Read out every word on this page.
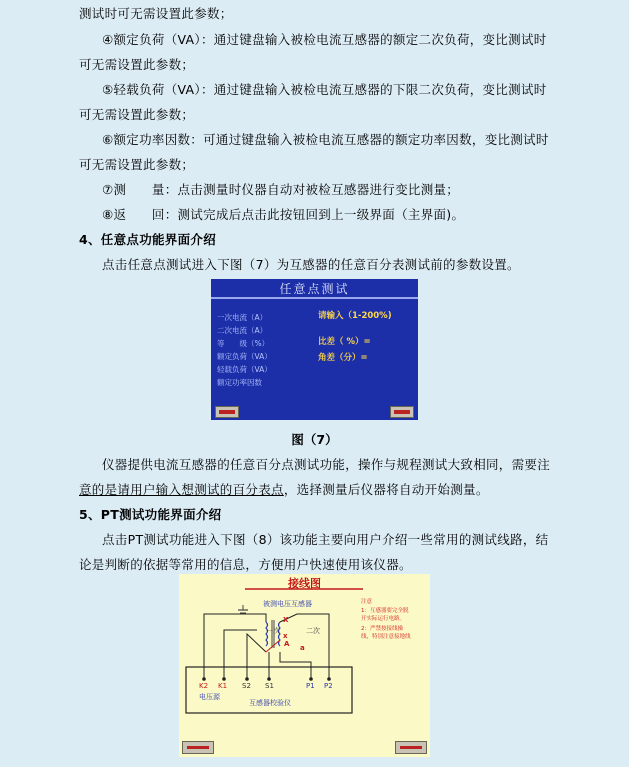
测试时可无需设置此参数；
④额定负荷（VA）：通过键盘输入被检电流互感器的额定二次负荷，变比测试时
可无需设置此参数；
⑤轻载负荷（VA）：通过键盘输入被检电流互感器的下限二次负荷，变比测试时
可无需设置此参数；
⑥额定功率因数：可通过键盘输入被检电流互感器的额定功率因数，变比测试时
可无需设置此参数；
⑦测　　量：点击测量时仪器自动对被检互感器进行变比测量；
⑧返　　回：测试完成后点击此按钮回到上一级界面（主界面)。
4、任意点功能界面介绍
点击任意点测试进入下图（7）为互感器的任意百分表测试前的参数设置。
任意点测试
一次电流（A）
二次电流（A）
等　　级（%）
额定负荷（VA）
轻载负荷（VA）
额定功率因数
请输入（1-200%)
比差（ %）=
角差（分）=
图（7）
仪器提供电流互感器的任意百分点测试功能，操作与规程测试大致相同，需要注
意的是请用户输入想测试的百分表点，选择测量后仪器将自动开始测量。
5、PT测试功能界面介绍
点击PT测试功能进入下图（8）该功能主要向用户介绍一些常用的测试线路，结
论是判断的依据等常用的信息，方便用户快速使用该仪器。
接线图
注意
1：互感器要完全脱
开实际运行电路。
2：严禁按接线操
线，特别注意接地线
被测电压互感器
一次	二次
X
x
A a
K2 K1 S2 S1	P1 P2
电压源
互感器校验仪
